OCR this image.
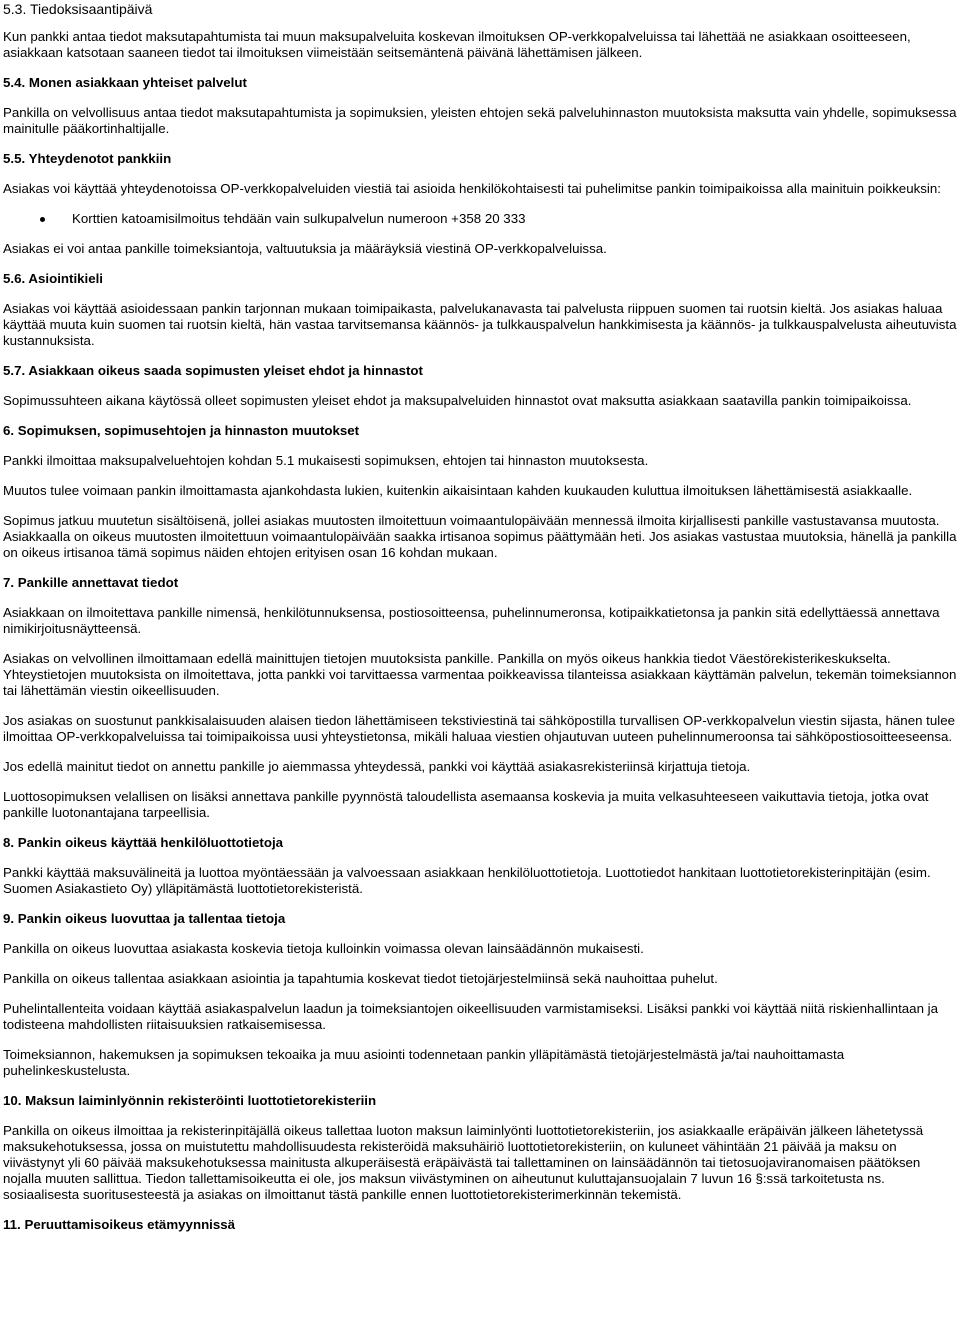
5.3. Tiedoksisaantipäivä

Kun pankki antaa tiedot maksutapahtumista tai muun maksupalveluita koskevan ilmoituksen OP-verkkopalveluissa tai lähettää ne asiakkaan osoitteeseen, asiakkaan katsotaan saaneen tiedot tai ilmoituksen viimeistään seitsemäntenä päivänä lähettämisen jälkeen.

5.4. Monen asiakkaan yhteiset palvelut

Pankilla on velvollisuus antaa tiedot maksutapahtumista ja sopimuksien, yleisten ehtojen sekä palveluhinnaston muutoksista maksutta vain yhdelle, sopimuksessa mainitulle pääkortinhaltijalle.

5.5. Yhteydenotot pankkiin

Asiakas voi käyttää yhteydenotoissa OP-verkkopalveluiden viestiä tai asioida henkilökohtaisesti tai puhelimitse pankin toimipaikoissa alla mainituin poikkeuksin:

Korttien katoamisilmoitus tehdään vain sulkupalvelun numeroon +358 20 333

Asiakas ei voi antaa pankille toimeksiantoja, valtuutuksia ja määräyksiä viestinä OP-verkkopalveluissa.

5.6. Asiointikieli

Asiakas voi käyttää asioidessaan pankin tarjonnan mukaan toimipaikasta, palvelukanavasta tai palvelusta riippuen suomen tai ruotsin kieltä. Jos asiakas haluaa käyttää muuta kuin suomen tai ruotsin kieltä, hän vastaa tarvitsemansa käännös- ja tulkkauspalvelun hankkimisesta ja käännös- ja tulkkauspalvelusta aiheutuvista kustannuksista.

5.7. Asiakkaan oikeus saada sopimusten yleiset ehdot ja hinnastot

Sopimussuhteen aikana käytössä olleet sopimusten yleiset ehdot ja maksupalveluiden hinnastot ovat maksutta asiakkaan saatavilla pankin toimipaikoissa.

6. Sopimuksen, sopimusehtojen ja hinnaston muutokset

Pankki ilmoittaa maksupalveluehtojen kohdan 5.1 mukaisesti sopimuksen, ehtojen tai hinnaston muutoksesta.

Muutos tulee voimaan pankin ilmoittamasta ajankohdasta lukien, kuitenkin aikaisintaan kahden kuukauden kuluttua ilmoituksen lähettämisestä asiakkaalle.

Sopimus jatkuu muutetun sisältöisenä, jollei asiakas muutosten ilmoitettuun voimaantulopäivään mennessä ilmoita kirjallisesti pankille vastustavansa muutosta. Asiakkaalla on oikeus muutosten ilmoitettuun voimaantulopäivään saakka irtisanoa sopimus päättymään heti. Jos asiakas vastustaa muutoksia, hänellä ja pankilla on oikeus irtisanoa tämä sopimus näiden ehtojen erityisen osan 16 kohdan mukaan.

7. Pankille annettavat tiedot

Asiakkaan on ilmoitettava pankille nimensä, henkilötunnuksensa, postiosoitteensa, puhelinnumeronsa, kotipaikkatietonsa ja pankin sitä edellyttäessä annettava nimikirjoitusnäytteensä.

Asiakas on velvollinen ilmoittamaan edellä mainittujen tietojen muutoksista pankille. Pankilla on myös oikeus hankkia tiedot Väestörekisterikeskukselta. Yhteystietojen muutoksista on ilmoitettava, jotta pankki voi tarvittaessa varmentaa poikkeavissa tilanteissa asiakkaan käyttämän palvelun, tekemän toimeksiannon tai lähettämän viestin oikeellisuuden.

Jos asiakas on suostunut pankkisalaisuuden alaisen tiedon lähettämiseen tekstiviestinä tai sähköpostilla turvallisen OP-verkkopalvelun viestin sijasta, hänen tulee ilmoittaa OP-verkkopalveluissa tai toimipaikoissa uusi yhteystietonsa, mikäli haluaa viestien ohjautuvan uuteen puhelinnumeroonsa tai sähköpostiosoitteeseensa.

Jos edellä mainitut tiedot on annettu pankille jo aiemmassa yhteydessä, pankki voi käyttää asiakasrekisteriinsä kirjattuja tietoja.

Luottosopimuksen velallisen on lisäksi annettava pankille pyynnöstä taloudellista asemaansa koskevia ja muita velkasuhteeseen vaikuttavia tietoja, jotka ovat pankille luotonantajana tarpeellisia.

8. Pankin oikeus käyttää henkilöluottotietoja

Pankki käyttää maksuvälineitä ja luottoa myöntäessään ja valvoessaan asiakkaan henkilöluottotietoja. Luottotiedot hankitaan luottotietorekisterinpitäjän (esim. Suomen Asiakastieto Oy) ylläpitämästä luottotietorekisteristä.

9. Pankin oikeus luovuttaa ja tallentaa tietoja

Pankilla on oikeus luovuttaa asiakasta koskevia tietoja kulloinkin voimassa olevan lainsäädännön mukaisesti.

Pankilla on oikeus tallentaa asiakkaan asiointia ja tapahtumia koskevat tiedot tietojärjestelmiinsä sekä nauhoittaa puhelut.

Puhelintallenteita voidaan käyttää asiakaspalvelun laadun ja toimeksiantojen oikeellisuuden varmistamiseksi. Lisäksi pankki voi käyttää niitä riskienhallintaan ja todisteena mahdollisten riitaisuuksien ratkaisemisessa.

Toimeksiannon, hakemuksen ja sopimuksen tekoaika ja muu asiointi todennetaan pankin ylläpitämästä tietojärjestelmästä ja/tai nauhoittamasta puhelinkeskustelusta.

10. Maksun laiminlyönnin rekisteröinti luottotietorekisteriin

Pankilla on oikeus ilmoittaa ja rekisterinpitäjällä oikeus tallettaa luoton maksun laiminlyönti luottotietorekisteriin, jos asiakkaalle eräpäivän jälkeen lähetetyssä maksukehotuksessa, jossa on muistutettu mahdollisuudesta rekisteröidä maksuhäiriö luottotietorekisteriin, on kuluneet vähintään 21 päivää ja maksu on viivästynyt yli 60 päivää maksukehotuksessa mainitusta alkuperäisestä eräpäivästä tai tallettaminen on lainsäädännön tai tietosuojaviranomaisen päätöksen nojalla muuten sallittua. Tiedon tallettamisoikeutta ei ole, jos maksun viivästyminen on aiheutunut kuluttajansuojalain 7 luvun 16 §:ssä tarkoitetusta ns. sosiaalisesta suoritusesteestä ja asiakas on ilmoittanut tästä pankille ennen luottotietorekisterimerkinnän tekemistä.

11. Peruuttamisoikeus etämyynnissä
